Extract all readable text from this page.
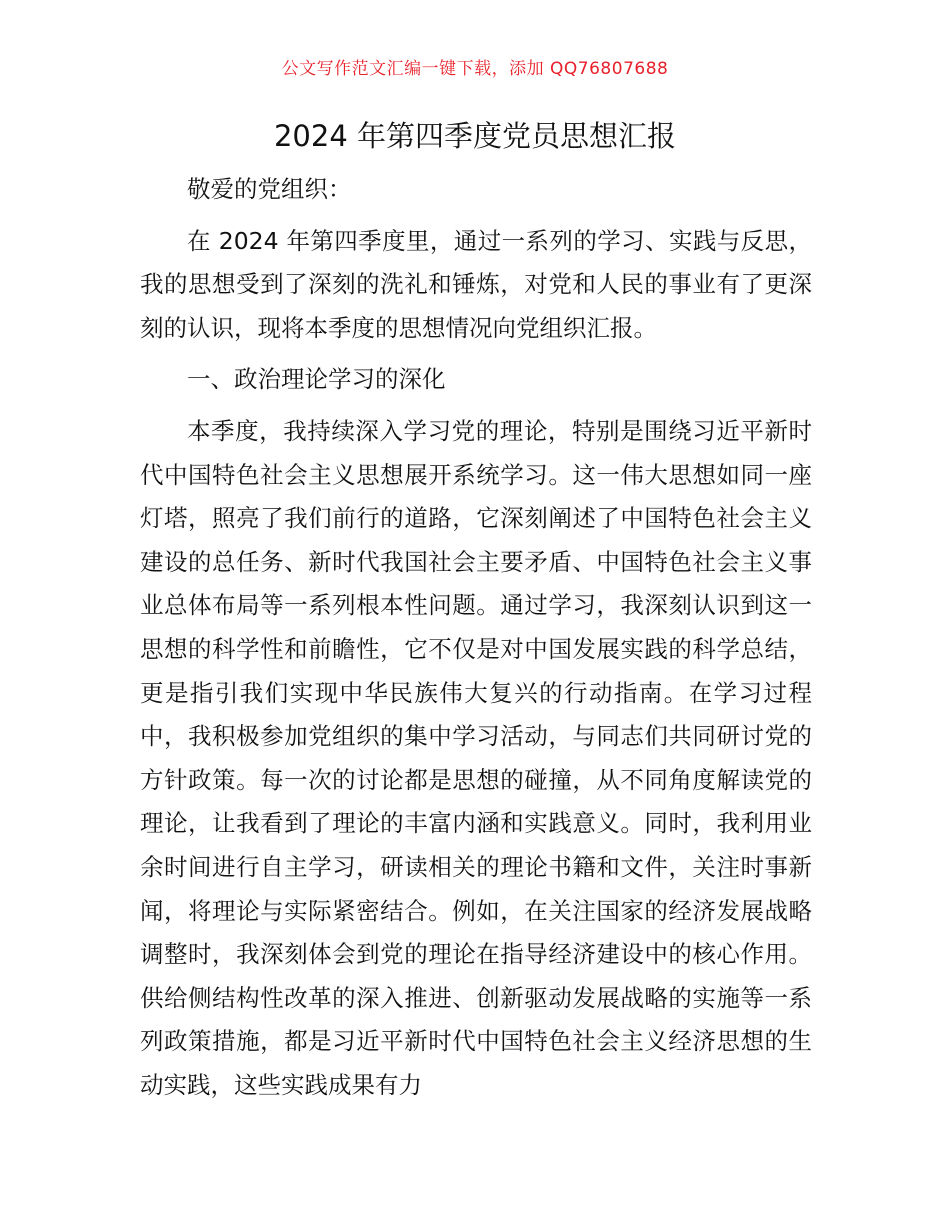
公文写作范文汇编一键下载，添加 QQ76807688
2024 年第四季度党员思想汇报

敬爱的党组织：

在 2024 年第四季度里，通过一系列的学习、实践与反思，我的思想受到了深刻的洗礼和锤炼，对党和人民的事业有了更深刻的认识，现将本季度的思想情况向党组织汇报。

一、政治理论学习的深化

本季度，我持续深入学习党的理论，特别是围绕习近平新时代中国特色社会主义思想展开系统学习。这一伟大思想如同一座灯塔，照亮了我们前行的道路，它深刻阐述了中国特色社会主义建设的总任务、新时代我国社会主要矛盾、中国特色社会主义事业总体布局等一系列根本性问题。通过学习，我深刻认识到这一思想的科学性和前瞻性，它不仅是对中国发展实践的科学总结，更是指引我们实现中华民族伟大复兴的行动指南。在学习过程中，我积极参加党组织的集中学习活动，与同志们共同研讨党的方针政策。每一次的讨论都是思想的碰撞，从不同角度解读党的理论，让我看到了理论的丰富内涵和实践意义。同时，我利用业余时间进行自主学习，研读相关的理论书籍和文件，关注时事新闻，将理论与实际紧密结合。例如，在关注国家的经济发展战略调整时，我深刻体会到党的理论在指导经济建设中的核心作用。供给侧结构性改革的深入推进、创新驱动发展战略的实施等一系列政策措施，都是习近平新时代中国特色社会主义经济思想的生动实践，这些实践成果有力
